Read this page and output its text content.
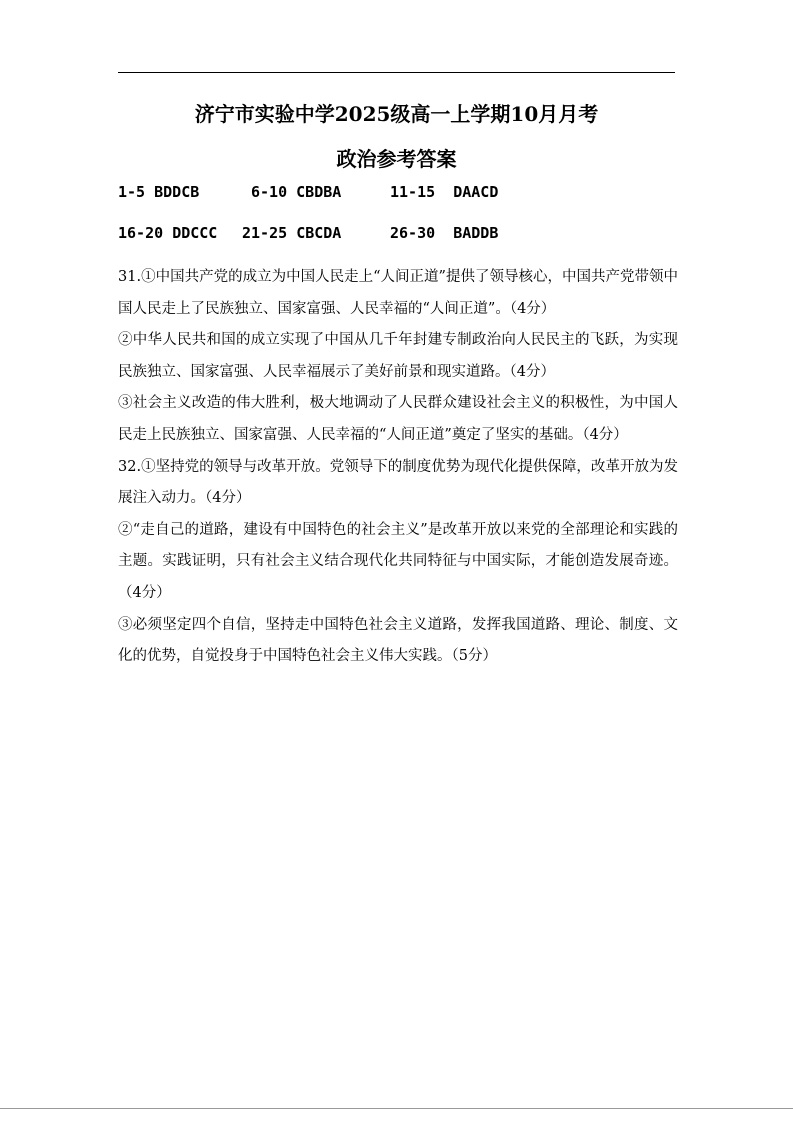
济宁市实验中学2025级高一上学期10月月考
政治参考答案
1-5 BDDCB	6-10 CBDBA	11-15 DAACD
16-20 DDCCC 21-25 CBCDA	26-30 BADDB

31.①中国共产党的成立为中国人民走上“人间正道”提供了领导核心，中国共产党带领中国人民走上了民族独立、国家富强、人民幸福的“人间正道”。（4分）

②中华人民共和国的成立实现了中国从几千年封建专制政治向人民民主的飞跃，为实现民族独立、国家富强、人民幸福展示了美好前景和现实道路。（4分）

③社会主义改造的伟大胜利，极大地调动了人民群众建设社会主义的积极性，为中国人民走上民族独立、国家富强、人民幸福的“人间正道”奠定了坚实的基础。（4分）

32.①坚持党的领导与改革开放。党领导下的制度优势为现代化提供保障，改革开放为发展注入动力。（4分）

②“走自己的道路，建设有中国特色的社会主义”是改革开放以来党的全部理论和实践的主题。实践证明，只有社会主义结合现代化共同特征与中国实际，才能创造发展奇迹。（4分）

③必须坚定四个自信，坚持走中国特色社会主义道路，发挥我国道路、理论、制度、文化的优势，自觉投身于中国特色社会主义伟大实践。（5分）
